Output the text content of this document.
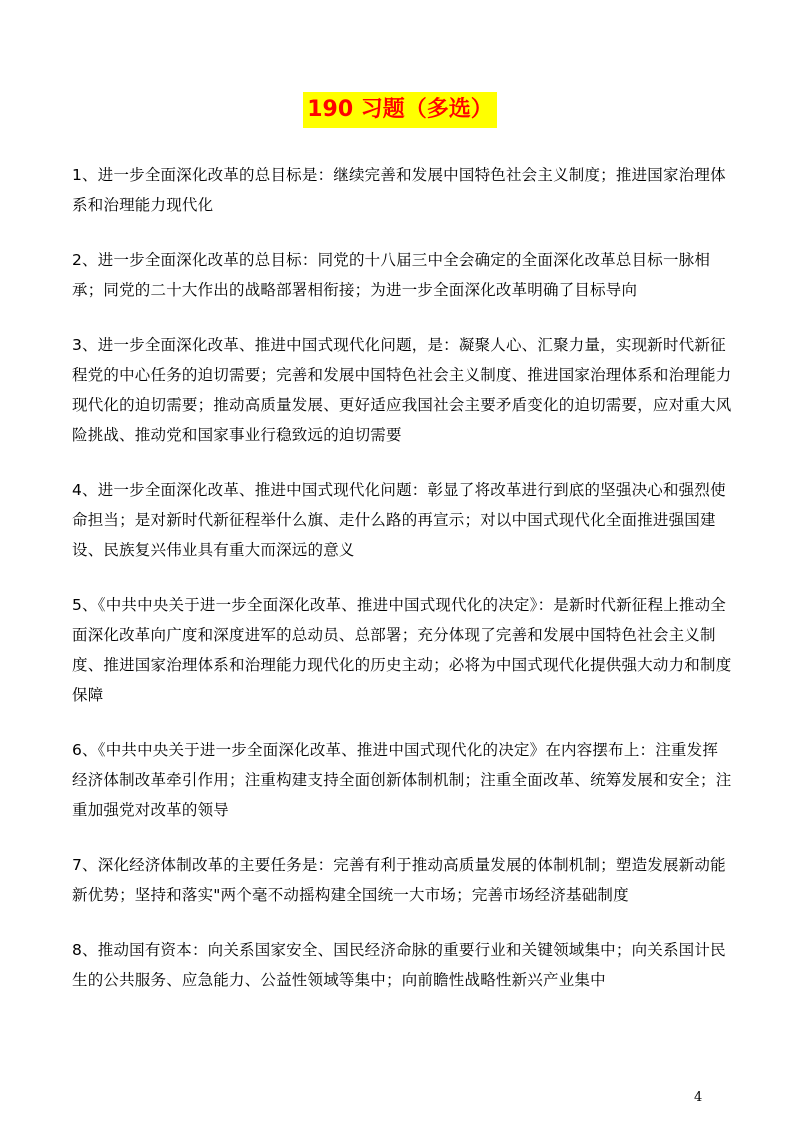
190 习题（多选）

1、进一步全面深化改革的总目标是：继续完善和发展中国特色社会主义制度；推进国家治理体系和治理能力现代化

2、进一步全面深化改革的总目标：同党的十八届三中全会确定的全面深化改革总目标一脉相承；同党的二十大作出的战略部署相衔接；为进一步全面深化改革明确了目标导向

3、进一步全面深化改革、推进中国式现代化问题，是：凝聚人心、汇聚力量，实现新时代新征程党的中心任务的迫切需要；完善和发展中国特色社会主义制度、推进国家治理体系和治理能力现代化的迫切需要；推动高质量发展、更好适应我国社会主要矛盾变化的迫切需要，应对重大风险挑战、推动党和国家事业行稳致远的迫切需要

4、进一步全面深化改革、推进中国式现代化问题：彰显了将改革进行到底的坚强决心和强烈使命担当；是对新时代新征程举什么旗、走什么路的再宣示；对以中国式现代化全面推进强国建设、民族复兴伟业具有重大而深远的意义

5、《中共中央关于进一步全面深化改革、推进中国式现代化的决定》：是新时代新征程上推动全面深化改革向广度和深度进军的总动员、总部署；充分体现了完善和发展中国特色社会主义制度、推进国家治理体系和治理能力现代化的历史主动；必将为中国式现代化提供强大动力和制度保障

6、《中共中央关于进一步全面深化改革、推进中国式现代化的决定》在内容摆布上：注重发挥经济体制改革牵引作用；注重构建支持全面创新体制机制；注重全面改革、统筹发展和安全；注重加强党对改革的领导

7、深化经济体制改革的主要任务是：完善有利于推动高质量发展的体制机制；塑造发展新动能新优势；坚持和落实"两个毫不动摇构建全国统一大市场；完善市场经济基础制度

8、推动国有资本：向关系国家安全、国民经济命脉的重要行业和关键领域集中；向关系国计民生的公共服务、应急能力、公益性领域等集中；向前瞻性战略性新兴产业集中

4
